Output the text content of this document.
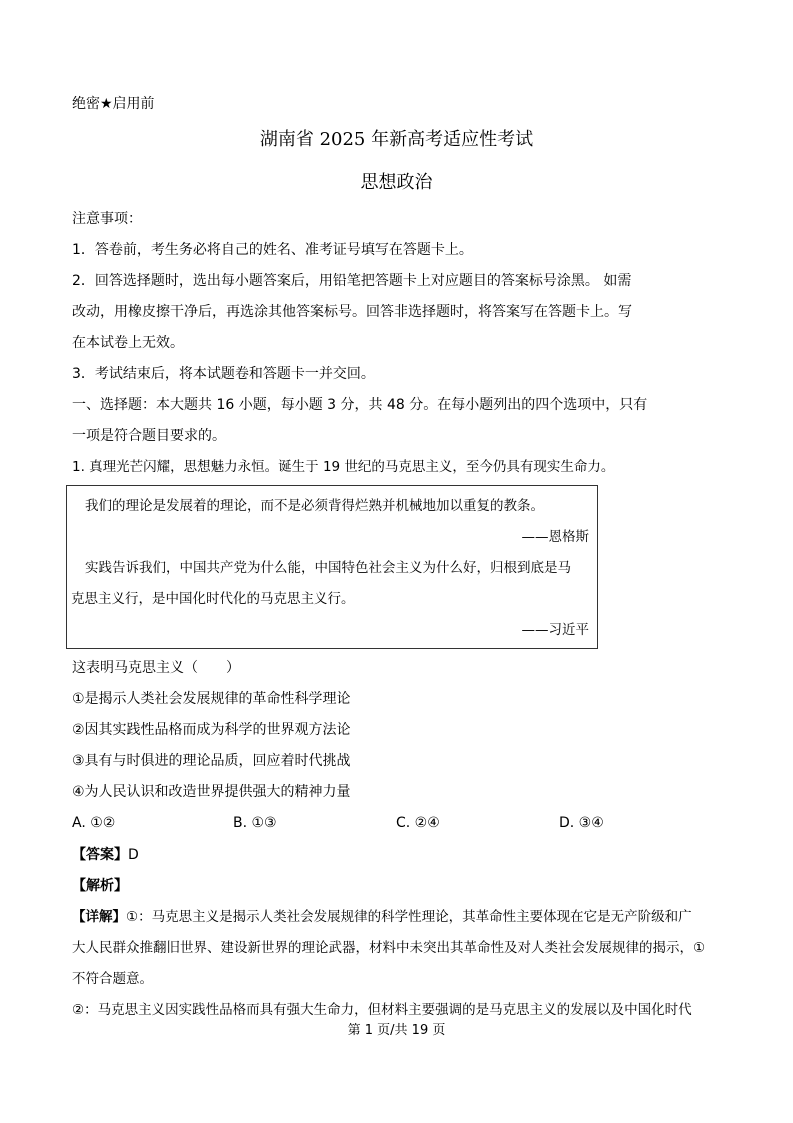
绝密★启用前
湖南省 2025 年新高考适应性考试
思想政治
注意事项：
1．答卷前，考生务必将自己的姓名、准考证号填写在答题卡上。
2．回答选择题时，选出每小题答案后，用铅笔把答题卡上对应题目的答案标号涂黑。 如需
改动，用橡皮擦干净后，再选涂其他答案标号。回答非选择题时，将答案写在答题卡上。写
在本试卷上无效。
3．考试结束后，将本试题卷和答题卡一并交回。
一、选择题：本大题共 16 小题，每小题 3 分，共 48 分。在每小题列出的四个选项中，只有
一项是符合题目要求的。
1. 真理光芒闪耀，思想魅力永恒。诞生于 19 世纪的马克思主义，至今仍具有现实生命力。
我们的理论是发展着的理论，而不是必须背得烂熟并机械地加以重复的教条。
——恩格斯
实践告诉我们，中国共产党为什么能，中国特色社会主义为什么好，归根到底是马
克思主义行，是中国化时代化的马克思主义行。
——习近平
这表明马克思主义（　　）
①是揭示人类社会发展规律的革命性科学理论
②因其实践性品格而成为科学的世界观方法论
③具有与时俱进的理论品质，回应着时代挑战
④为人民认识和改造世界提供强大的精神力量
A. ①②	B. ①③	C. ②④	D. ③④
【答案】D
【解析】
【详解】①：马克思主义是揭示人类社会发展规律的科学性理论，其革命性主要体现在它是无产阶级和广
大人民群众推翻旧世界、建设新世界的理论武器，材料中未突出其革命性及对人类社会发展规律的揭示，①
不符合题意。
②：马克思主义因实践性品格而具有强大生命力，但材料主要强调的是马克思主义的发展以及中国化时代
第 1 页/共 19 页
